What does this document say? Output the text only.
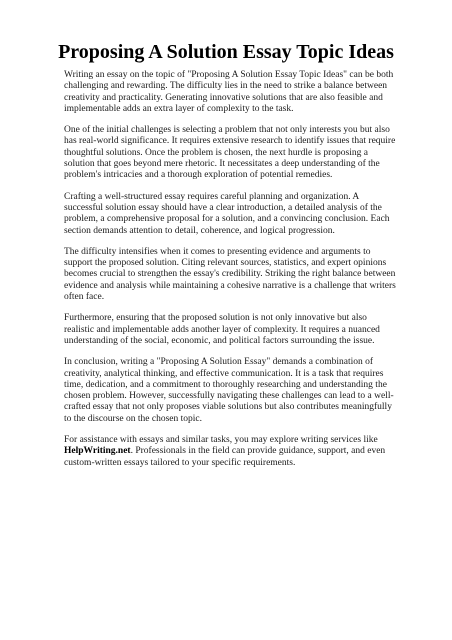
Proposing A Solution Essay Topic Ideas

Writing an essay on the topic of "Proposing A Solution Essay Topic Ideas" can be both challenging and rewarding. The difficulty lies in the need to strike a balance between creativity and practicality. Generating innovative solutions that are also feasible and implementable adds an extra layer of complexity to the task.

One of the initial challenges is selecting a problem that not only interests you but also has real-world significance. It requires extensive research to identify issues that require thoughtful solutions. Once the problem is chosen, the next hurdle is proposing a solution that goes beyond mere rhetoric. It necessitates a deep understanding of the problem's intricacies and a thorough exploration of potential remedies.

Crafting a well-structured essay requires careful planning and organization. A successful solution essay should have a clear introduction, a detailed analysis of the problem, a comprehensive proposal for a solution, and a convincing conclusion. Each section demands attention to detail, coherence, and logical progression.

The difficulty intensifies when it comes to presenting evidence and arguments to support the proposed solution. Citing relevant sources, statistics, and expert opinions becomes crucial to strengthen the essay's credibility. Striking the right balance between evidence and analysis while maintaining a cohesive narrative is a challenge that writers often face.

Furthermore, ensuring that the proposed solution is not only innovative but also realistic and implementable adds another layer of complexity. It requires a nuanced understanding of the social, economic, and political factors surrounding the issue.

In conclusion, writing a "Proposing A Solution Essay" demands a combination of creativity, analytical thinking, and effective communication. It is a task that requires time, dedication, and a commitment to thoroughly researching and understanding the chosen problem. However, successfully navigating these challenges can lead to a well-crafted essay that not only proposes viable solutions but also contributes meaningfully to the discourse on the chosen topic.

For assistance with essays and similar tasks, you may explore writing services like HelpWriting.net. Professionals in the field can provide guidance, support, and even custom-written essays tailored to your specific requirements.
